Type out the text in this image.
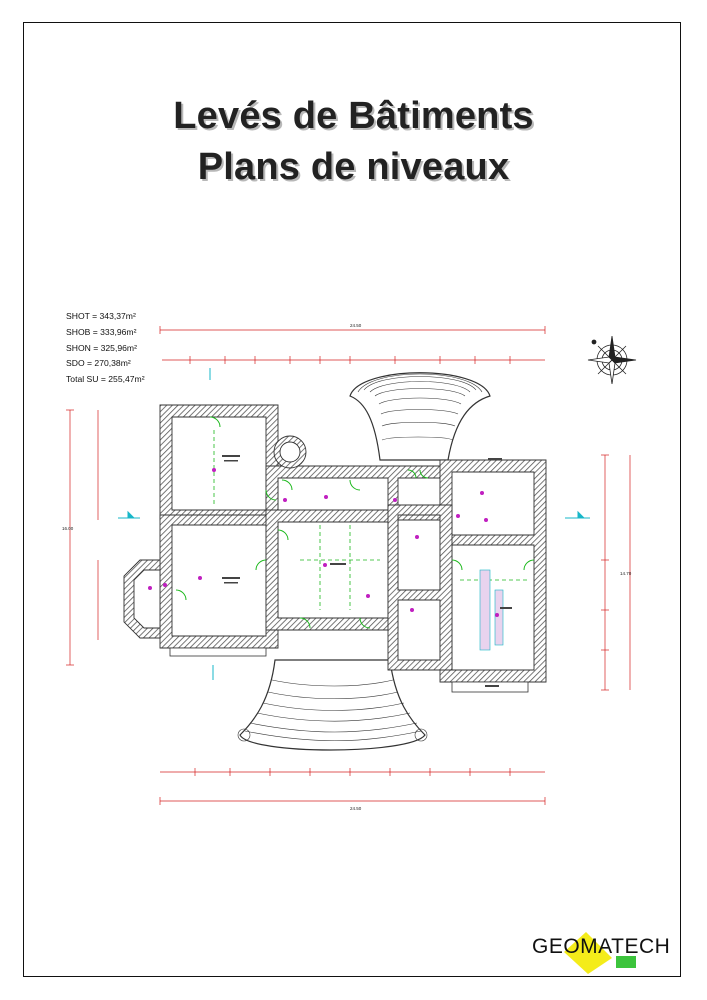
Levés de Bâtiments
Plans de niveaux
SHOT = 343,37m²
SHOB = 333,96m²
SHON = 325,96m²
SDO = 270,38m²
Total SU = 255,47m²
24.50
24.50
16.00
14.70
GEOMATECH
